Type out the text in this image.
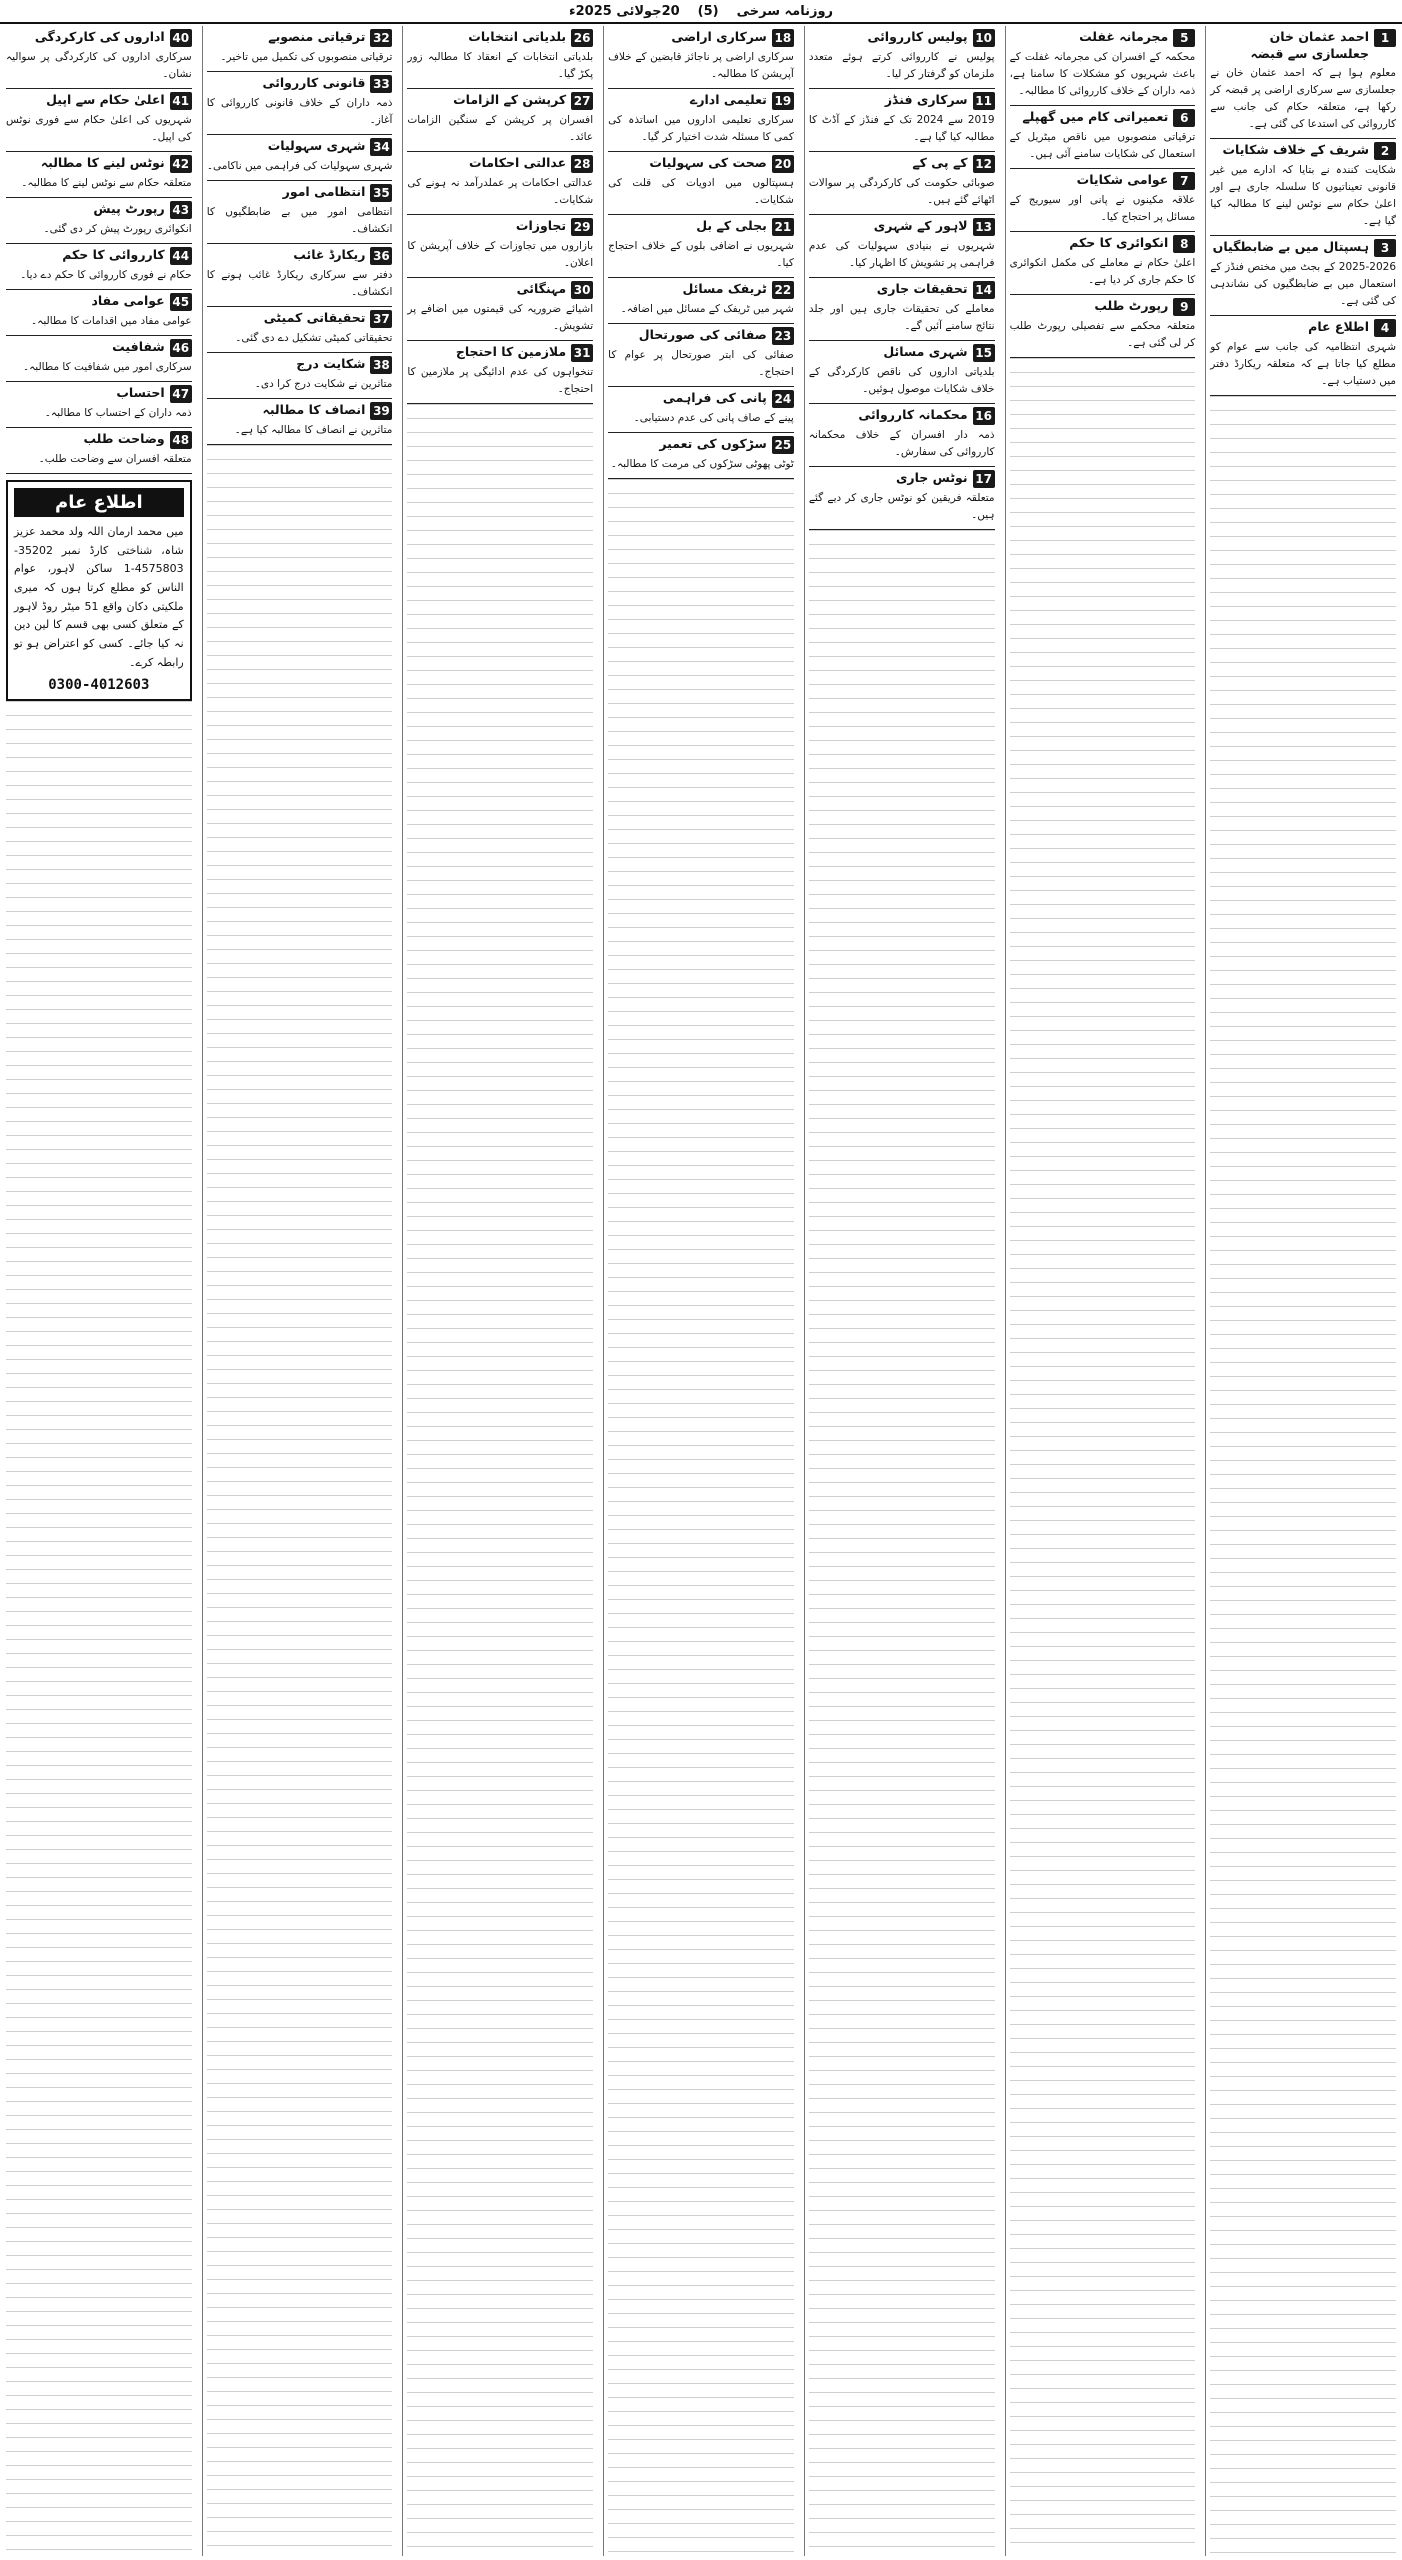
روزنامہ سرخی
(5)
20جولائی 2025ء
1
احمد عثمان خان جعلسازی سے قبضہ
معلوم ہوا ہے کہ احمد عثمان خان نے جعلسازی سے سرکاری اراضی پر قبضہ کر رکھا ہے، متعلقہ حکام کی جانب سے کارروائی کی استدعا کی گئی ہے۔
2
شریف کے خلاف شکایات
شکایت کنندہ نے بتایا کہ ادارے میں غیر قانونی تعیناتیوں کا سلسلہ جاری ہے اور اعلیٰ حکام سے نوٹس لینے کا مطالبہ کیا گیا ہے۔
3
ہسپتال میں بے ضابطگیاں
2025-2026 کے بجٹ میں مختص فنڈز کے استعمال میں بے ضابطگیوں کی نشاندہی کی گئی ہے۔
4
اطلاع عام
شہری انتظامیہ کی جانب سے عوام کو مطلع کیا جاتا ہے کہ متعلقہ ریکارڈ دفتر میں دستیاب ہے۔
5
مجرمانہ غفلت
محکمہ کے افسران کی مجرمانہ غفلت کے باعث شہریوں کو مشکلات کا سامنا ہے، ذمہ داران کے خلاف کارروائی کا مطالبہ۔
6
تعمیراتی کام میں گھپلے
ترقیاتی منصوبوں میں ناقص میٹریل کے استعمال کی شکایات سامنے آئی ہیں۔
7
عوامی شکایات
علاقہ مکینوں نے پانی اور سیوریج کے مسائل پر احتجاج کیا۔
8
انکوائری کا حکم
اعلیٰ حکام نے معاملے کی مکمل انکوائری کا حکم جاری کر دیا ہے۔
9
رپورٹ طلب
متعلقہ محکمے سے تفصیلی رپورٹ طلب کر لی گئی ہے۔
10
پولیس کارروائی
پولیس نے کارروائی کرتے ہوئے متعدد ملزمان کو گرفتار کر لیا۔
11
سرکاری فنڈز
2019 سے 2024 تک کے فنڈز کے آڈٹ کا مطالبہ کیا گیا ہے۔
12
کے پی کے
صوبائی حکومت کی کارکردگی پر سوالات اٹھائے گئے ہیں۔
13
لاہور کے شہری
شہریوں نے بنیادی سہولیات کی عدم فراہمی پر تشویش کا اظہار کیا۔
14
تحقیقات جاری
معاملے کی تحقیقات جاری ہیں اور جلد نتائج سامنے آئیں گے۔
15
شہری مسائل
بلدیاتی اداروں کی ناقص کارکردگی کے خلاف شکایات موصول ہوئیں۔
16
محکمانہ کارروائی
ذمہ دار افسران کے خلاف محکمانہ کارروائی کی سفارش۔
17
نوٹس جاری
متعلقہ فریقین کو نوٹس جاری کر دیے گئے ہیں۔
18
سرکاری اراضی
سرکاری اراضی پر ناجائز قابضین کے خلاف آپریشن کا مطالبہ۔
19
تعلیمی ادارے
سرکاری تعلیمی اداروں میں اساتذہ کی کمی کا مسئلہ شدت اختیار کر گیا۔
20
صحت کی سہولیات
ہسپتالوں میں ادویات کی قلت کی شکایات۔
21
بجلی کے بل
شہریوں نے اضافی بلوں کے خلاف احتجاج کیا۔
22
ٹریفک مسائل
شہر میں ٹریفک کے مسائل میں اضافہ۔
23
صفائی کی صورتحال
صفائی کی ابتر صورتحال پر عوام کا احتجاج۔
24
پانی کی فراہمی
پینے کے صاف پانی کی عدم دستیابی۔
25
سڑکوں کی تعمیر
ٹوٹی پھوٹی سڑکوں کی مرمت کا مطالبہ۔
26
بلدیاتی انتخابات
بلدیاتی انتخابات کے انعقاد کا مطالبہ زور پکڑ گیا۔
27
کرپشن کے الزامات
افسران پر کرپشن کے سنگین الزامات عائد۔
28
عدالتی احکامات
عدالتی احکامات پر عملدرآمد نہ ہونے کی شکایات۔
29
تجاوزات
بازاروں میں تجاوزات کے خلاف آپریشن کا اعلان۔
30
مہنگائی
اشیائے ضروریہ کی قیمتوں میں اضافے پر تشویش۔
31
ملازمین کا احتجاج
تنخواہوں کی عدم ادائیگی پر ملازمین کا احتجاج۔
32
ترقیاتی منصوبے
ترقیاتی منصوبوں کی تکمیل میں تاخیر۔
33
قانونی کارروائی
ذمہ داران کے خلاف قانونی کارروائی کا آغاز۔
34
شہری سہولیات
شہری سہولیات کی فراہمی میں ناکامی۔
35
انتظامی امور
انتظامی امور میں بے ضابطگیوں کا انکشاف۔
36
ریکارڈ غائب
دفتر سے سرکاری ریکارڈ غائب ہونے کا انکشاف۔
37
تحقیقاتی کمیٹی
تحقیقاتی کمیٹی تشکیل دے دی گئی۔
38
شکایت درج
متاثرین نے شکایت درج کرا دی۔
39
انصاف کا مطالبہ
متاثرین نے انصاف کا مطالبہ کیا ہے۔
40
اداروں کی کارکردگی
سرکاری اداروں کی کارکردگی پر سوالیہ نشان۔
41
اعلیٰ حکام سے اپیل
شہریوں کی اعلیٰ حکام سے فوری نوٹس کی اپیل۔
42
نوٹس لینے کا مطالبہ
متعلقہ حکام سے نوٹس لینے کا مطالبہ۔
43
رپورٹ پیش
انکوائری رپورٹ پیش کر دی گئی۔
44
کارروائی کا حکم
حکام نے فوری کارروائی کا حکم دے دیا۔
45
عوامی مفاد
عوامی مفاد میں اقدامات کا مطالبہ۔
46
شفافیت
سرکاری امور میں شفافیت کا مطالبہ۔
47
احتساب
ذمہ داران کے احتساب کا مطالبہ۔
48
وضاحت طلب
متعلقہ افسران سے وضاحت طلب۔
اطلاع عام
میں محمد ارمان اللہ ولد محمد عزیز شاہ، شناختی کارڈ نمبر 35202-4575803-1 ساکن لاہور، عوام الناس کو مطلع کرتا ہوں کہ میری ملکیتی دکان واقع 51 میٹر روڈ لاہور کے متعلق کسی بھی قسم کا لین دین نہ کیا جائے۔ کسی کو اعتراض ہو تو رابطہ کرے۔
0300-4012603
